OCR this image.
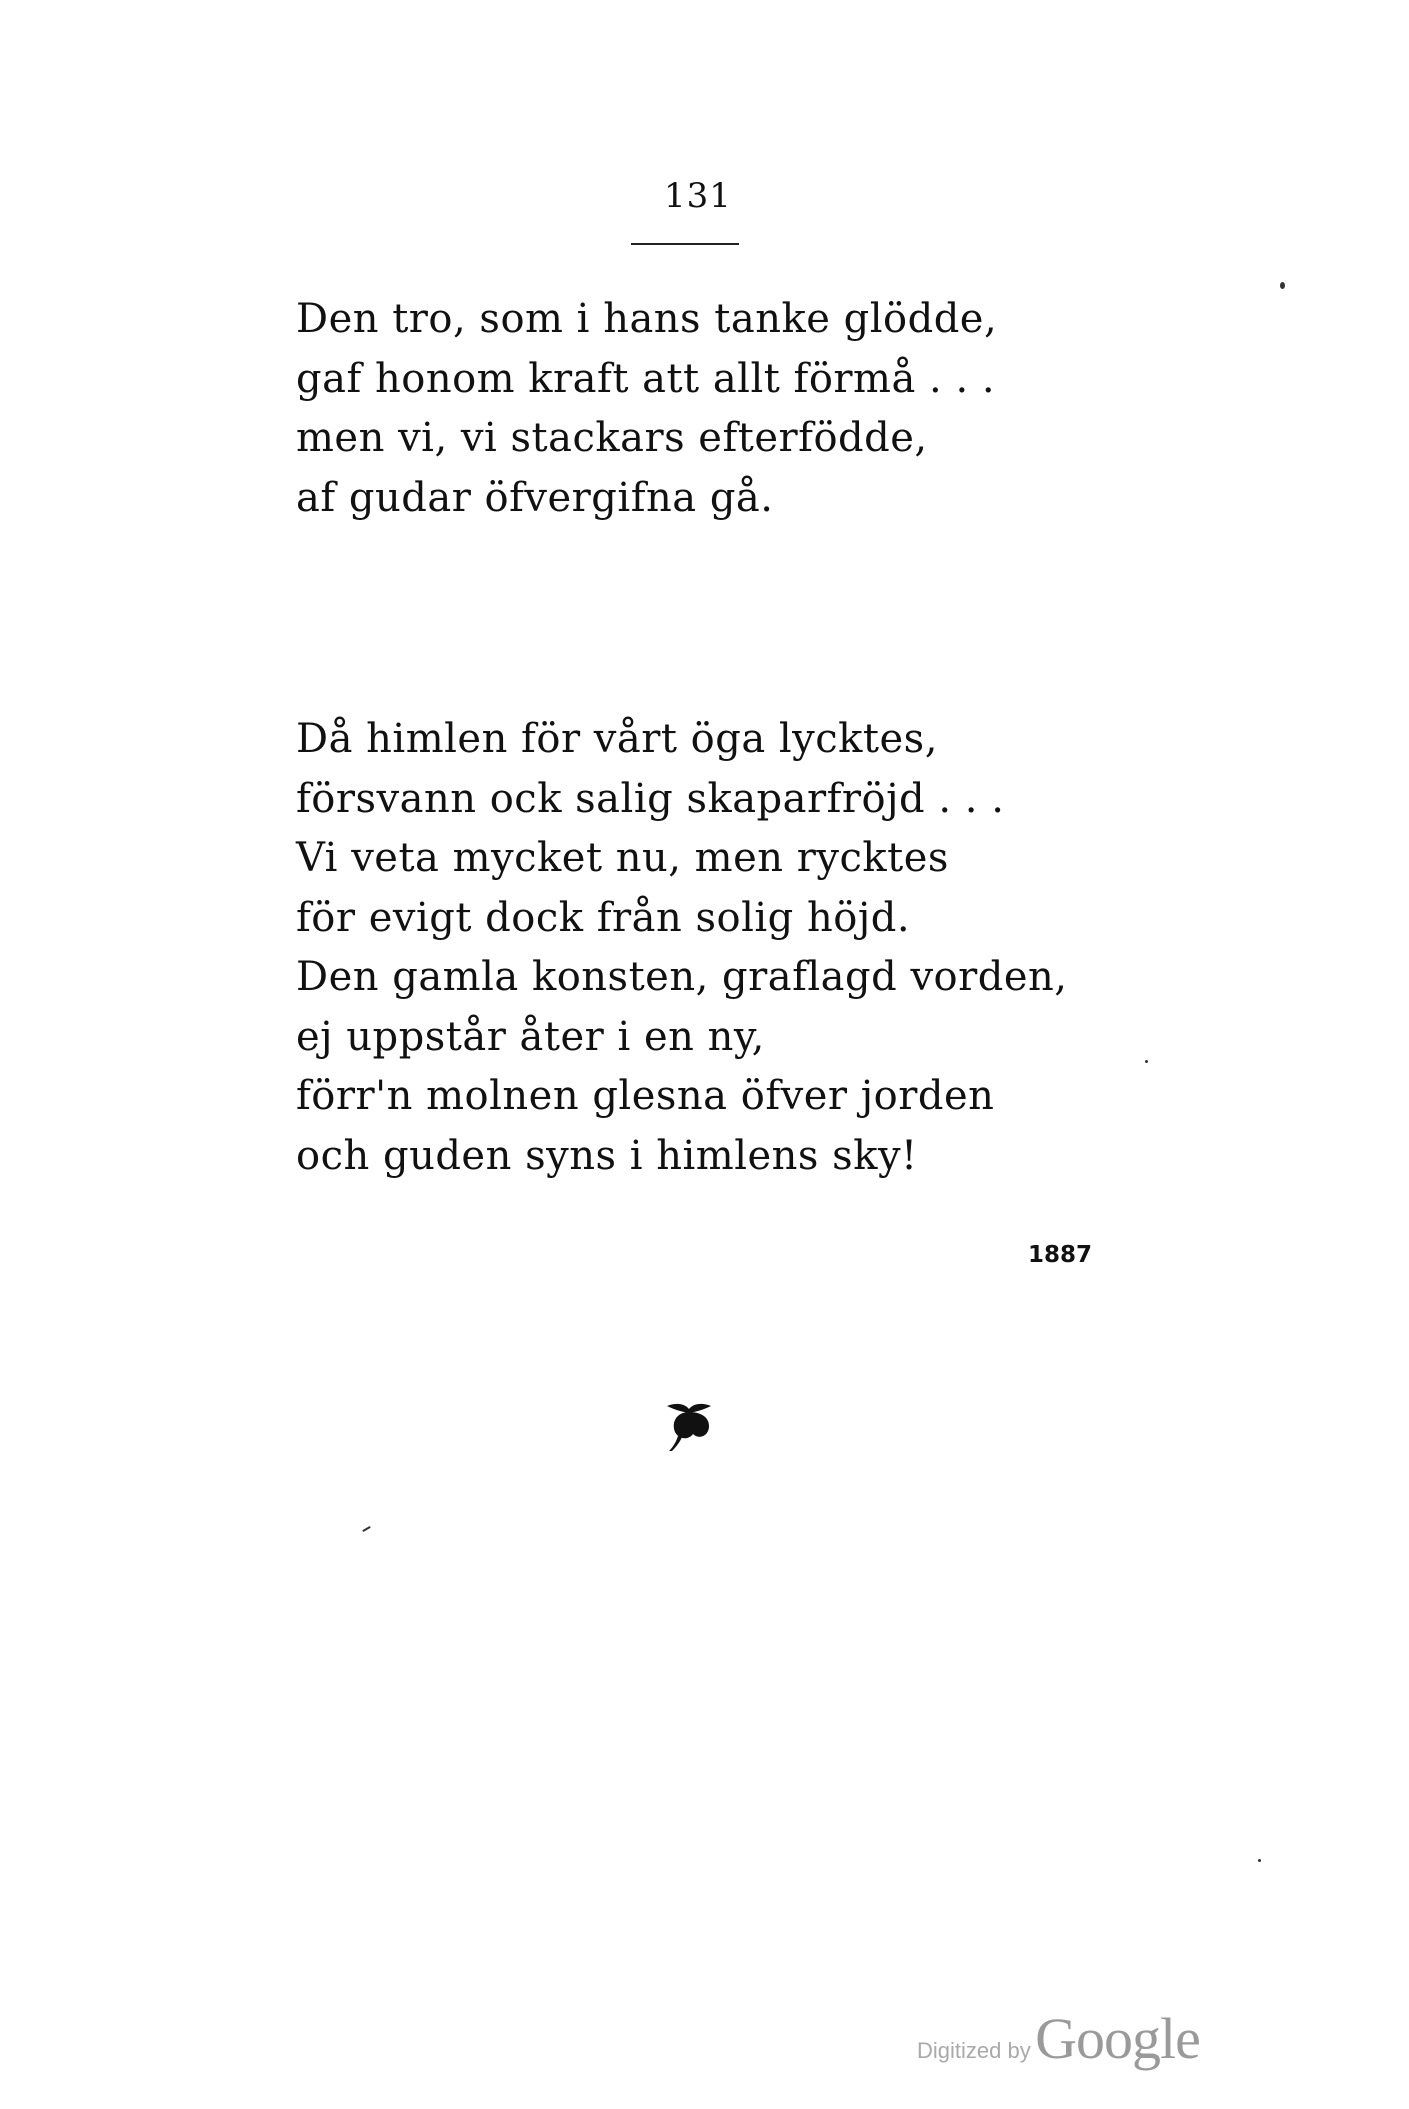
131
Den tro, som i hans tanke glödde,
gaf honom kraft att allt förmå . . .
men vi, vi stackars efterfödde,
af gudar öfvergifna gå.
Då himlen för vårt öga lycktes,
försvann ock salig skaparfröjd . . .
Vi veta mycket nu, men rycktes
för evigt dock från solig höjd.
Den gamla konsten, graflagd vorden,
ej uppstår åter i en ny,
förr'n molnen glesna öfver jorden
och guden syns i himlens sky!
1887
Digitized by Google
